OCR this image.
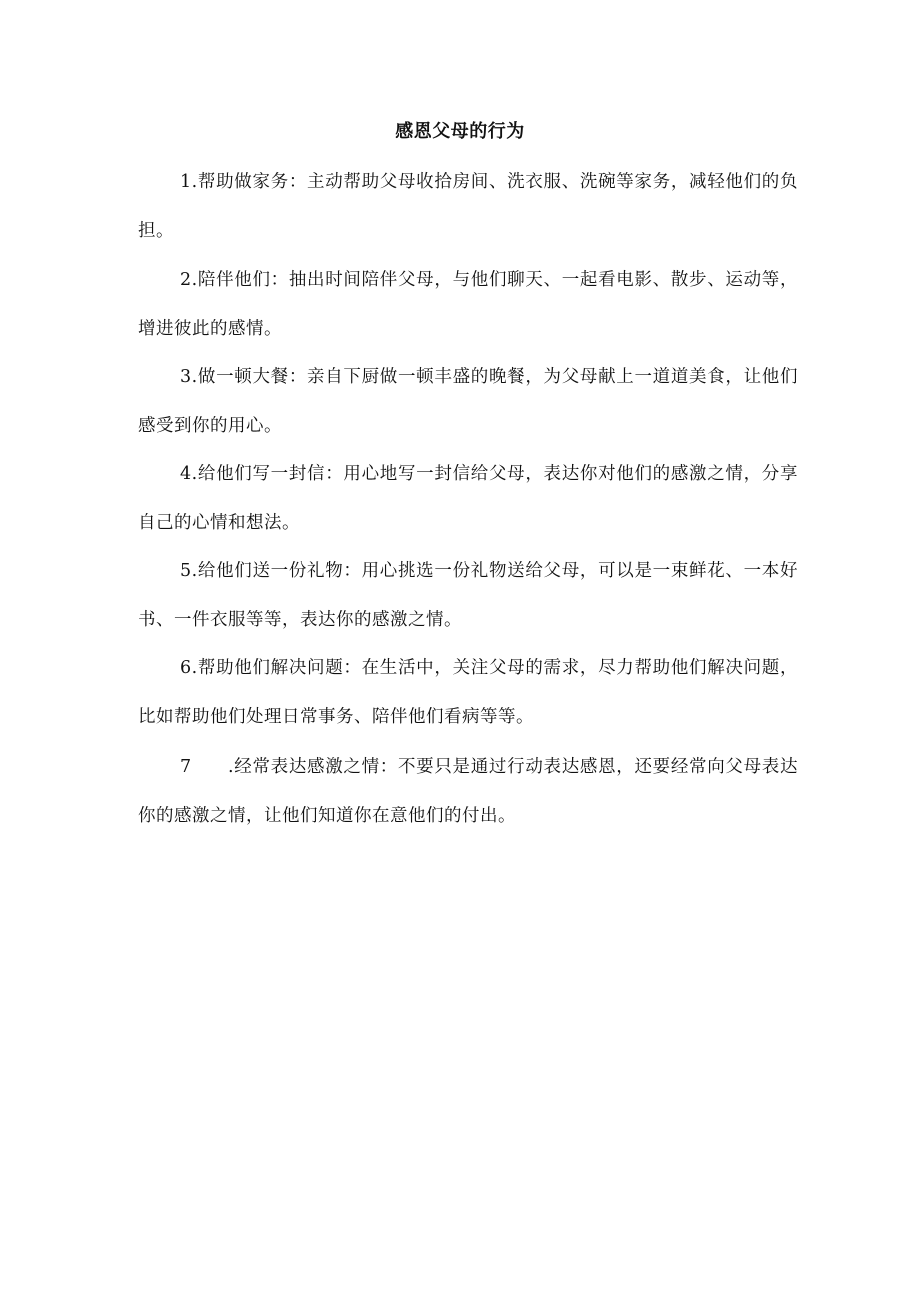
感恩父母的行为

1.帮助做家务：主动帮助父母收拾房间、洗衣服、洗碗等家务，减轻他们的负担。

2.陪伴他们：抽出时间陪伴父母，与他们聊天、一起看电影、散步、运动等，增进彼此的感情。

3.做一顿大餐：亲自下厨做一顿丰盛的晚餐，为父母献上一道道美食，让他们感受到你的用心。

4.给他们写一封信：用心地写一封信给父母，表达你对他们的感激之情，分享自己的心情和想法。

5.给他们送一份礼物：用心挑选一份礼物送给父母，可以是一束鲜花、一本好书、一件衣服等等，表达你的感激之情。

6.帮助他们解决问题：在生活中，关注父母的需求，尽力帮助他们解决问题，比如帮助他们处理日常事务、陪伴他们看病等等。

7 .经常表达感激之情：不要只是通过行动表达感恩，还要经常向父母表达你的感激之情，让他们知道你在意他们的付出。
